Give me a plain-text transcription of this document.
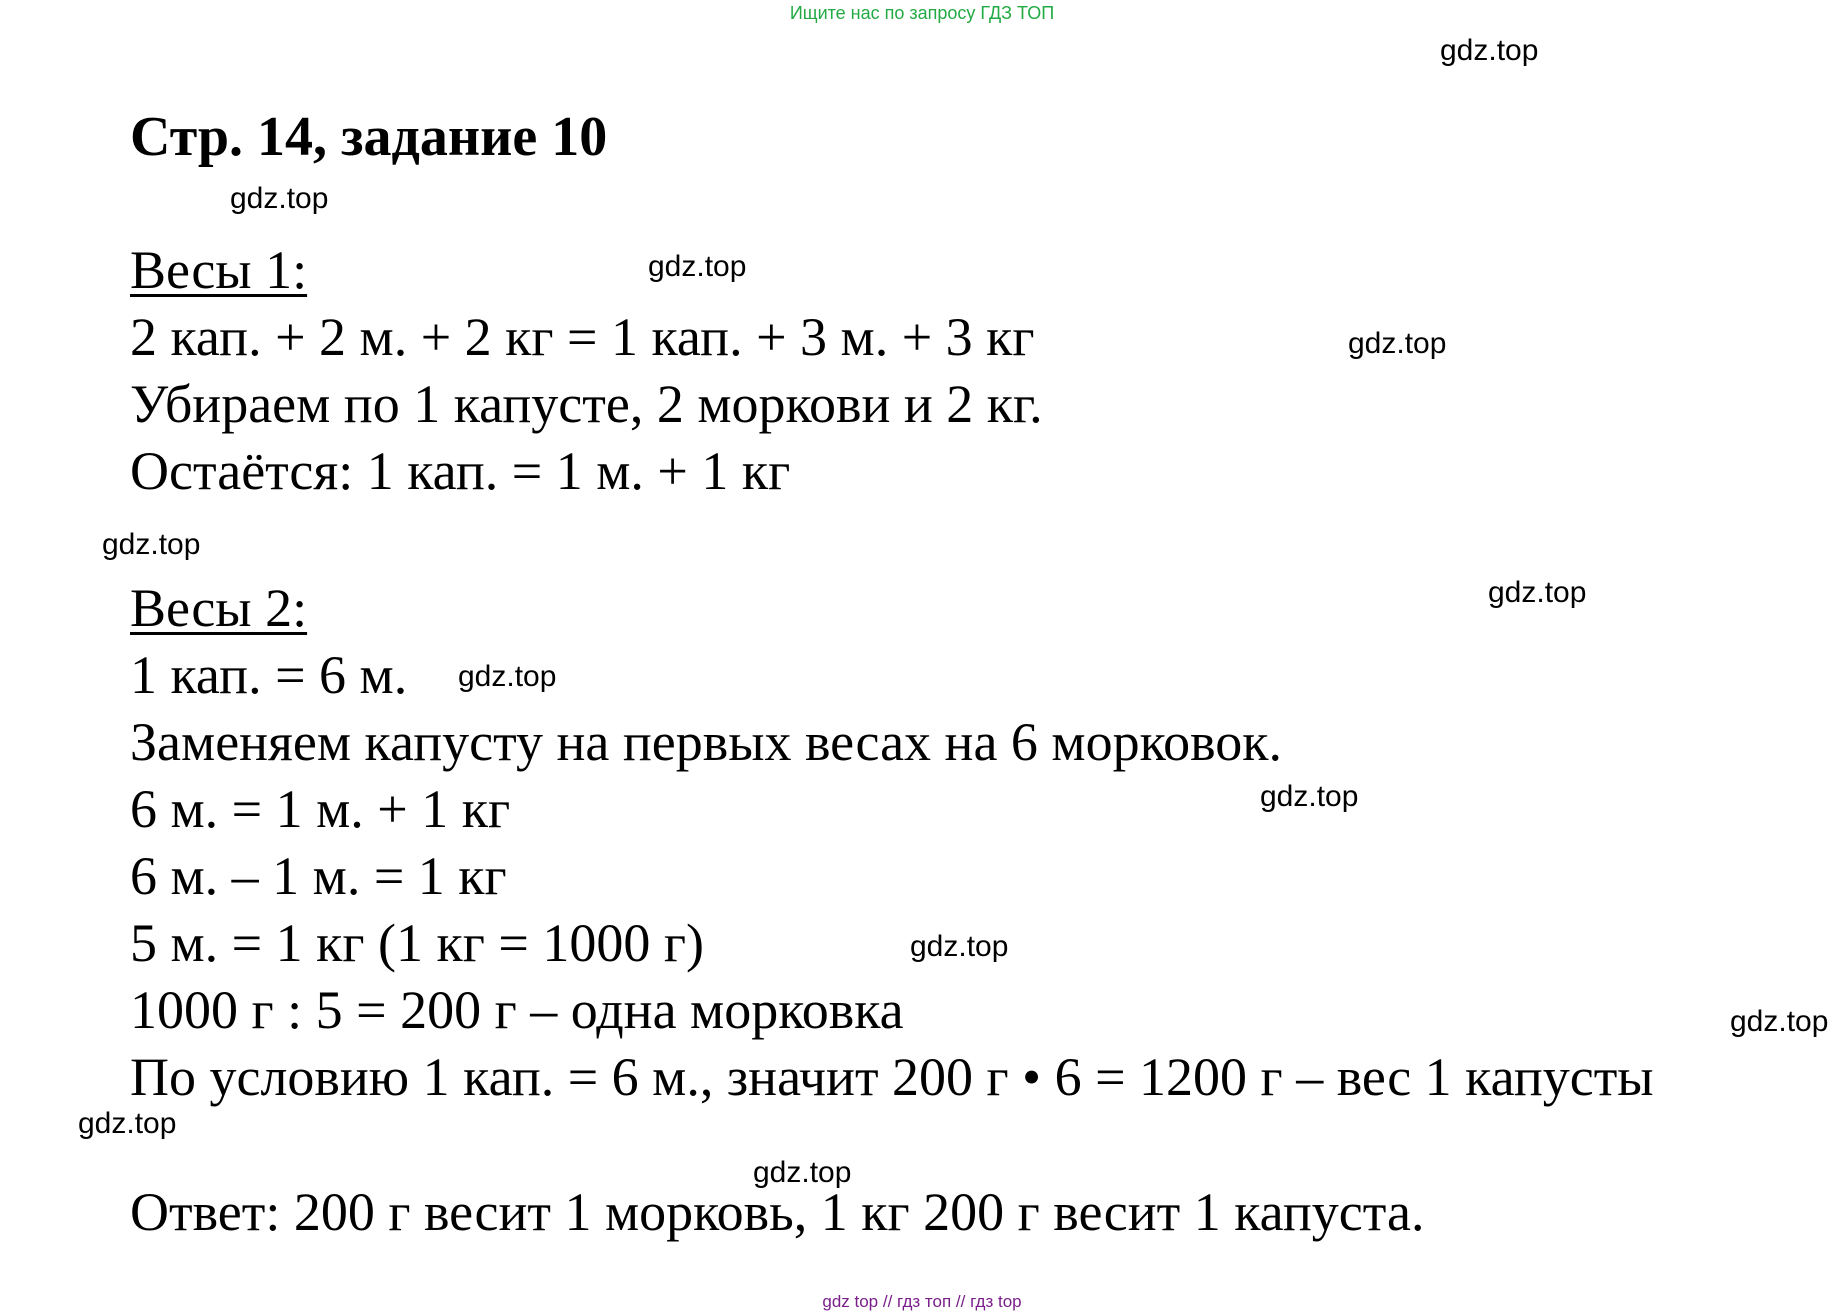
Ищите нас по запросу ГДЗ ТОП
gdz.top
gdz.top
gdz.top
gdz.top
gdz.top
gdz.top
gdz.top
gdz.top
gdz.top
gdz.top
gdz.top
gdz.top
Стр. 14, задание 10
Весы 1:
2 кап. + 2 м. + 2 кг = 1 кап. + 3 м. + 3 кг
Убираем по 1 капусте, 2 моркови и 2 кг.
Остаётся: 1 кап. = 1 м. + 1 кг
Весы 2:
1 кап. = 6 м.
Заменяем капусту на первых весах на 6 морковок.
6 м. = 1 м. + 1 кг
6 м. – 1 м. = 1 кг
5 м. = 1 кг (1 кг = 1000 г)
1000 г : 5 = 200 г – одна морковка
По условию 1 кап. = 6 м., значит 200 г • 6 = 1200 г – вес 1 капусты
Ответ: 200 г весит 1 морковь, 1 кг 200 г весит 1 капуста.
gdz top // гдз топ // гдз top
